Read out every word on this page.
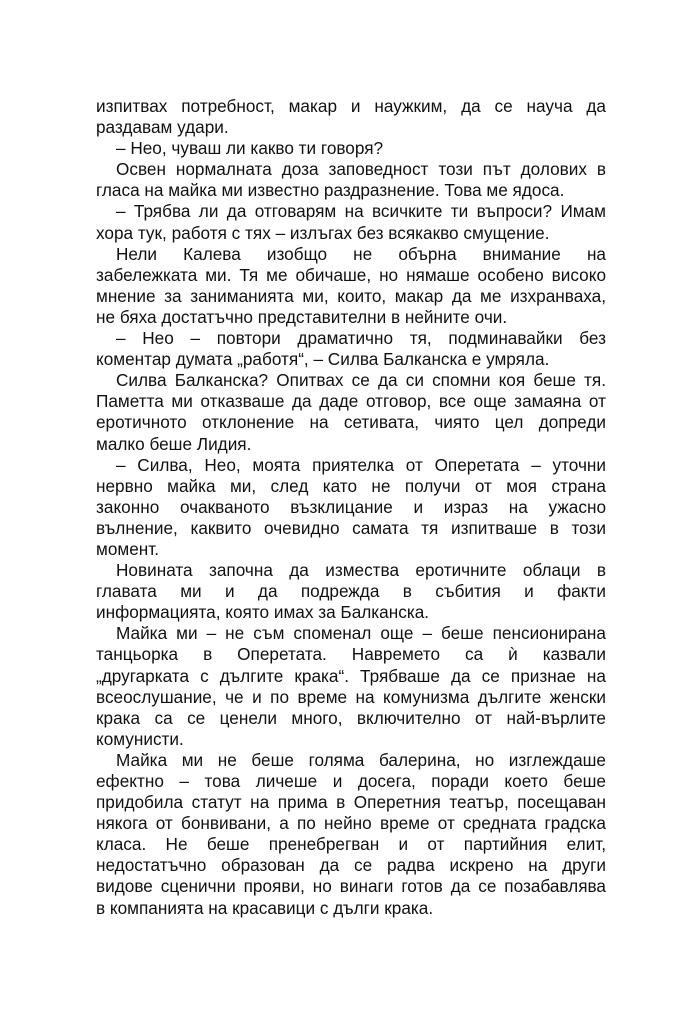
изпитвах потребност, макар и наужким, да се науча да
раздавам удари.
– Нео, чуваш ли какво ти говоря?
Освен нормалната доза заповедност този път долових в
гласа на майка ми известно раздразнение. Това ме ядоса.
– Трябва ли да отговарям на всичките ти въпроси? Имам
хора тук, работя с тях – излъгах без всякакво смущение.
Нели Калева изобщо не обърна внимание на
забележката ми. Тя ме обичаше, но нямаше особено високо
мнение за заниманията ми, които, макар да ме изхранваха,
не бяха достатъчно представителни в нейните очи.
– Нео – повтори драматично тя, подминавайки без
коментар думата „работя“, – Силва Балканска е умряла.
Силва Балканска? Опитвах се да си спомни коя беше тя.
Паметта ми отказваше да даде отговор, все още замаяна от
еротичното отклонение на сетивата, чиято цел допреди
малко беше Лидия.
– Силва, Нео, моята приятелка от Оперетата – уточни
нервно майка ми, след като не получи от моя страна
законно очакваното възклицание и израз на ужасно
вълнение, каквито очевидно самата тя изпитваше в този
момент.
Новината започна да измества еротичните облаци в
главата ми и да подрежда в събития и факти
информацията, която имах за Балканска.
Майка ми – не съм споменал още – беше пенсионирана
танцьорка в Оперетата. Навремето са ѝ казвали
„другарката с дългите крака“. Трябваше да се признае на
всеослушание, че и по време на комунизма дългите женски
крака са се ценели много, включително от най-върлите
комунисти.
Майка ми не беше голяма балерина, но изглеждаше
ефектно – това личеше и досега, поради което беше
придобила статут на прима в Оперетния театър, посещаван
някога от бонвивани, а по нейно време от средната градска
класа. Не беше пренебрегван и от партийния елит,
недостатъчно образован да се радва искрено на други
видове сценични прояви, но винаги готов да се позабавлява
в компанията на красавици с дълги крака.
